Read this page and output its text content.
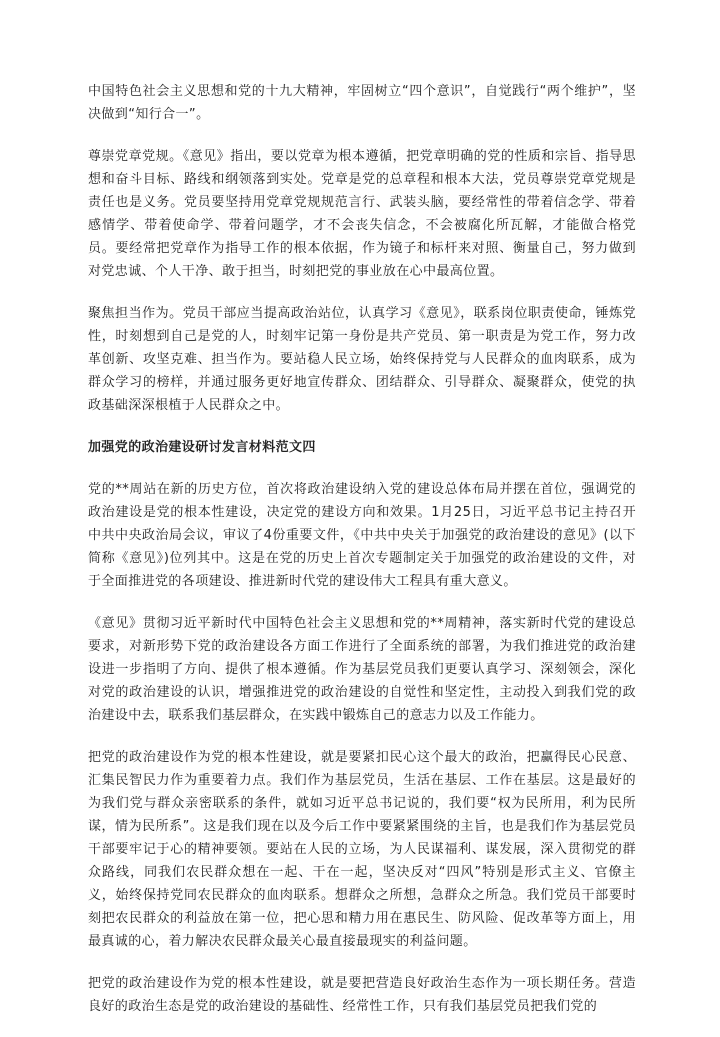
中国特色社会主义思想和党的十九大精神，牢固树立“四个意识”，自觉践行“两个维护”，坚决做到“知行合一”。

尊崇党章党规。《意见》指出，要以党章为根本遵循，把党章明确的党的性质和宗旨、指导思想和奋斗目标、路线和纲领落到实处。党章是党的总章程和根本大法，党员尊崇党章党规是责任也是义务。党员要坚持用党章党规规范言行、武装头脑，要经常性的带着信念学、带着感情学、带着使命学、带着问题学，才不会丧失信念，不会被腐化所瓦解，才能做合格党员。要经常把党章作为指导工作的根本依据，作为镜子和标杆来对照、衡量自己，努力做到对党忠诚、个人干净、敢于担当，时刻把党的事业放在心中最高位置。

聚焦担当作为。党员干部应当提高政治站位，认真学习《意见》，联系岗位职责使命，锤炼党性，时刻想到自己是党的人，时刻牢记第一身份是共产党员、第一职责是为党工作，努力改革创新、攻坚克难、担当作为。要站稳人民立场，始终保持党与人民群众的血肉联系，成为群众学习的榜样，并通过服务更好地宣传群众、团结群众、引导群众、凝聚群众，使党的执政基础深深根植于人民群众之中。

加强党的政治建设研讨发言材料范文四

党的**周站在新的历史方位，首次将政治建设纳入党的建设总体布局并摆在首位，强调党的政治建设是党的根本性建设，决定党的建设方向和效果。1月25日，习近平总书记主持召开中共中央政治局会议，审议了4份重要文件，《中共中央关于加强党的政治建设的意见》(以下简称《意见》)位列其中。这是在党的历史上首次专题制定关于加强党的政治建设的文件，对于全面推进党的各项建设、推进新时代党的建设伟大工程具有重大意义。

《意见》贯彻习近平新时代中国特色社会主义思想和党的**周精神，落实新时代党的建设总要求，对新形势下党的政治建设各方面工作进行了全面系统的部署，为我们推进党的政治建设进一步指明了方向、提供了根本遵循。作为基层党员我们更要认真学习、深刻领会，深化对党的政治建设的认识，增强推进党的政治建设的自觉性和坚定性，主动投入到我们党的政治建设中去，联系我们基层群众，在实践中锻炼自己的意志力以及工作能力。

把党的政治建设作为党的根本性建设，就是要紧扣民心这个最大的政治，把赢得民心民意、汇集民智民力作为重要着力点。我们作为基层党员，生活在基层、工作在基层。这是最好的为我们党与群众亲密联系的条件，就如习近平总书记说的，我们要“权为民所用，利为民所谋，情为民所系”。这是我们现在以及今后工作中要紧紧围绕的主旨，也是我们作为基层党员干部要牢记于心的精神要领。要站在人民的立场，为人民谋福利、谋发展，深入贯彻党的群众路线，同我们农民群众想在一起、干在一起，坚决反对“四风”特别是形式主义、官僚主义，始终保持党同农民群众的血肉联系。想群众之所想，急群众之所急。我们党员干部要时刻把农民群众的利益放在第一位，把心思和精力用在惠民生、防风险、促改革等方面上，用最真诚的心，着力解决农民群众最关心最直接最现实的利益问题。

把党的政治建设作为党的根本性建设，就是要把营造良好政治生态作为一项长期任务。营造良好的政治生态是党的政治建设的基础性、经常性工作，只有我们基层党员把我们党的
